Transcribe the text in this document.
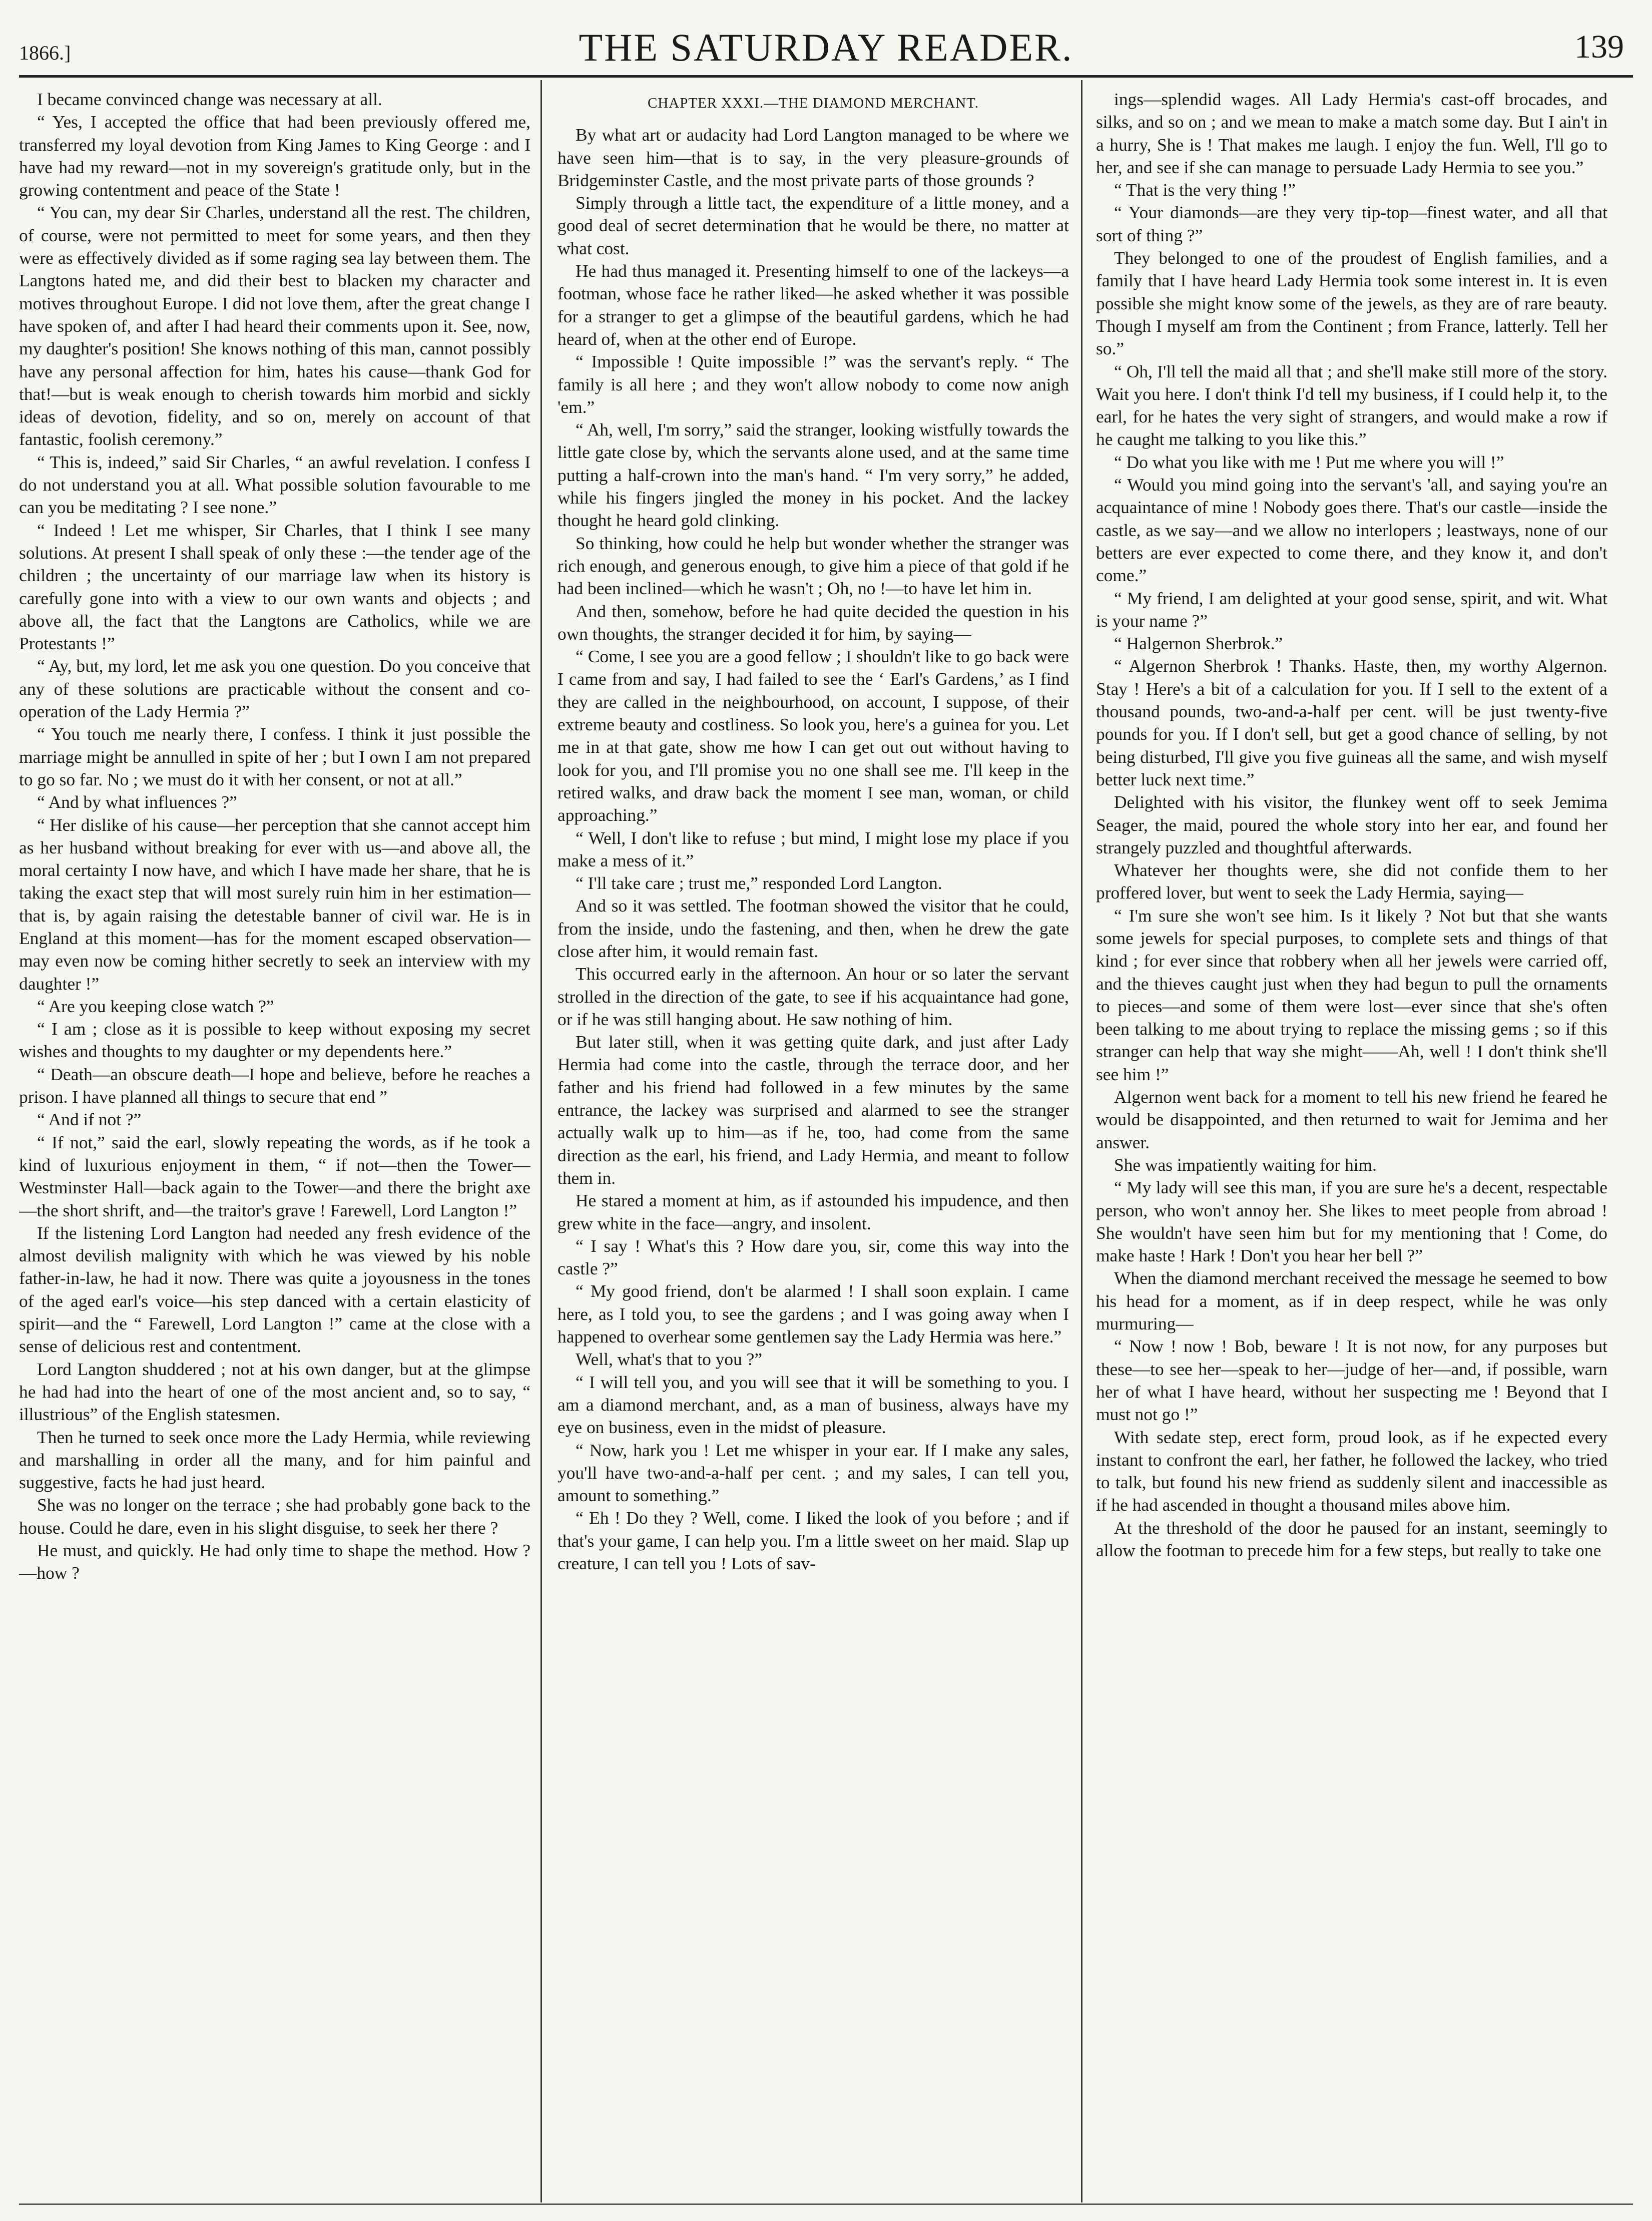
1866.]	THE SATURDAY READER.	139

I became convinced change was necessary at all.

“ Yes, I accepted the office that had been previously offered me, transferred my loyal devotion from King James to King George : and I have had my reward—not in my sovereign's gratitude only, but in the growing contentment and peace of the State !

“ You can, my dear Sir Charles, understand all the rest. The children, of course, were not permitted to meet for some years, and then they were as effectively divided as if some raging sea lay between them. The Langtons hated me, and did their best to blacken my character and motives throughout Europe. I did not love them, after the great change I have spoken of, and after I had heard their comments upon it. See, now, my daughter's position! She knows nothing of this man, cannot possibly have any personal affection for him, hates his cause—thank God for that!—but is weak enough to cherish towards him morbid and sickly ideas of devotion, fidelity, and so on, merely on account of that fantastic, foolish ceremony.”

“ This is, indeed,” said Sir Charles, “ an awful revelation. I confess I do not understand you at all. What possible solution favourable to me can you be meditating ? I see none.”

“ Indeed ! Let me whisper, Sir Charles, that I think I see many solutions. At present I shall speak of only these :—the tender age of the children ; the uncertainty of our marriage law when its history is carefully gone into with a view to our own wants and objects ; and above all, the fact that the Langtons are Catholics, while we are Protestants !”

“ Ay, but, my lord, let me ask you one question. Do you conceive that any of these solutions are practicable without the consent and co-operation of the Lady Hermia ?”

“ You touch me nearly there, I confess. I think it just possible the marriage might be annulled in spite of her ; but I own I am not prepared to go so far. No ; we must do it with her consent, or not at all.”

“ And by what influences ?”

“ Her dislike of his cause—her perception that she cannot accept him as her husband without breaking for ever with us—and above all, the moral certainty I now have, and which I have made her share, that he is taking the exact step that will most surely ruin him in her estimation—that is, by again raising the detestable banner of civil war. He is in England at this moment—has for the moment escaped observation—may even now be coming hither secretly to seek an interview with my daughter !”

“ Are you keeping close watch ?”

“ I am ; close as it is possible to keep without exposing my secret wishes and thoughts to my daughter or my dependents here.”

“ Death—an obscure death—I hope and believe, before he reaches a prison. I have planned all things to secure that end ”

“ And if not ?”

“ If not,” said the earl, slowly repeating the words, as if he took a kind of luxurious enjoyment in them, “ if not—then the Tower—Westminster Hall—back again to the Tower—and there the bright axe—the short shrift, and—the traitor's grave ! Farewell, Lord Langton !”

If the listening Lord Langton had needed any fresh evidence of the almost devilish malignity with which he was viewed by his noble father-in-law, he had it now. There was quite a joyousness in the tones of the aged earl's voice—his step danced with a certain elasticity of spirit—and the “ Farewell, Lord Langton !” came at the close with a sense of delicious rest and contentment.

Lord Langton shuddered ; not at his own danger, but at the glimpse he had had into the heart of one of the most ancient and, so to say, “ illustrious” of the English statesmen.

Then he turned to seek once more the Lady Hermia, while reviewing and marshalling in order all the many, and for him painful and suggestive, facts he had just heard.

She was no longer on the terrace ; she had probably gone back to the house. Could he dare, even in his slight disguise, to seek her there ?

He must, and quickly. He had only time to shape the method. How ?—how ?

CHAPTER XXXI.—THE DIAMOND MERCHANT.

By what art or audacity had Lord Langton managed to be where we have seen him—that is to say, in the very pleasure-grounds of Bridgeminster Castle, and the most private parts of those grounds ?

Simply through a little tact, the expenditure of a little money, and a good deal of secret determination that he would be there, no matter at what cost.

He had thus managed it. Presenting himself to one of the lackeys—a footman, whose face he rather liked—he asked whether it was possible for a stranger to get a glimpse of the beautiful gardens, which he had heard of, when at the other end of Europe.

“ Impossible ! Quite impossible !” was the servant's reply. “ The family is all here ; and they won't allow nobody to come now anigh 'em.”

“ Ah, well, I'm sorry,” said the stranger, looking wistfully towards the little gate close by, which the servants alone used, and at the same time putting a half-crown into the man's hand. “ I'm very sorry,” he added, while his fingers jingled the money in his pocket. And the lackey thought he heard gold clinking.

So thinking, how could he help but wonder whether the stranger was rich enough, and generous enough, to give him a piece of that gold if he had been inclined—which he wasn't ; Oh, no !—to have let him in.

And then, somehow, before he had quite decided the question in his own thoughts, the stranger decided it for him, by saying—

“ Come, I see you are a good fellow ; I shouldn't like to go back were I came from and say, I had failed to see the ‘ Earl's Gardens,’ as I find they are called in the neighbourhood, on account, I suppose, of their extreme beauty and costliness. So look you, here's a guinea for you. Let me in at that gate, show me how I can get out out without having to look for you, and I'll promise you no one shall see me. I'll keep in the retired walks, and draw back the moment I see man, woman, or child approaching.”

“ Well, I don't like to refuse ; but mind, I might lose my place if you make a mess of it.”

“ I'll take care ; trust me,” responded Lord Langton.

And so it was settled. The footman showed the visitor that he could, from the inside, undo the fastening, and then, when he drew the gate close after him, it would remain fast.

This occurred early in the afternoon. An hour or so later the servant strolled in the direction of the gate, to see if his acquaintance had gone, or if he was still hanging about. He saw nothing of him.

But later still, when it was getting quite dark, and just after Lady Hermia had come into the castle, through the terrace door, and her father and his friend had followed in a few minutes by the same entrance, the lackey was surprised and alarmed to see the stranger actually walk up to him—as if he, too, had come from the same direction as the earl, his friend, and Lady Hermia, and meant to follow them in.

He stared a moment at him, as if astounded his impudence, and then grew white in the face—angry, and insolent.

“ I say ! What's this ? How dare you, sir, come this way into the castle ?”

“ My good friend, don't be alarmed ! I shall soon explain. I came here, as I told you, to see the gardens ; and I was going away when I happened to overhear some gentlemen say the Lady Hermia was here.”

Well, what's that to you ?”

“ I will tell you, and you will see that it will be something to you. I am a diamond merchant, and, as a man of business, always have my eye on business, even in the midst of pleasure.

“ Now, hark you ! Let me whisper in your ear. If I make any sales, you'll have two-and-a-half per cent. ; and my sales, I can tell you, amount to something.”

“ Eh ! Do they ? Well, come. I liked the look of you before ; and if that's your game, I can help you. I'm a little sweet on her maid. Slap up creature, I can tell you ! Lots of sav-

ings—splendid wages. All Lady Hermia's cast-off brocades, and silks, and so on ; and we mean to make a match some day. But I ain't in a hurry, She is ! That makes me laugh. I enjoy the fun. Well, I'll go to her, and see if she can manage to persuade Lady Hermia to see you.”

“ That is the very thing !”

“ Your diamonds—are they very tip-top—finest water, and all that sort of thing ?”

They belonged to one of the proudest of English families, and a family that I have heard Lady Hermia took some interest in. It is even possible she might know some of the jewels, as they are of rare beauty. Though I myself am from the Continent ; from France, latterly. Tell her so.”

“ Oh, I'll tell the maid all that ; and she'll make still more of the story. Wait you here. I don't think I'd tell my business, if I could help it, to the earl, for he hates the very sight of strangers, and would make a row if he caught me talking to you like this.”

“ Do what you like with me ! Put me where you will !”

“ Would you mind going into the servant's 'all, and saying you're an acquaintance of mine ! Nobody goes there. That's our castle—inside the castle, as we say—and we allow no interlopers ; leastways, none of our betters are ever expected to come there, and they know it, and don't come.”

“ My friend, I am delighted at your good sense, spirit, and wit. What is your name ?”

“ Halgernon Sherbrok.”

“ Algernon Sherbrok ! Thanks. Haste, then, my worthy Algernon. Stay ! Here's a bit of a calculation for you. If I sell to the extent of a thousand pounds, two-and-a-half per cent. will be just twenty-five pounds for you. If I don't sell, but get a good chance of selling, by not being disturbed, I'll give you five guineas all the same, and wish myself better luck next time.”

Delighted with his visitor, the flunkey went off to seek Jemima Seager, the maid, poured the whole story into her ear, and found her strangely puzzled and thoughtful afterwards.

Whatever her thoughts were, she did not confide them to her proffered lover, but went to seek the Lady Hermia, saying—

“ I'm sure she won't see him. Is it likely ? Not but that she wants some jewels for special purposes, to complete sets and things of that kind ; for ever since that robbery when all her jewels were carried off, and the thieves caught just when they had begun to pull the ornaments to pieces—and some of them were lost—ever since that she's often been talking to me about trying to replace the missing gems ; so if this stranger can help that way she might——Ah, well ! I don't think she'll see him !”

Algernon went back for a moment to tell his new friend he feared he would be disappointed, and then returned to wait for Jemima and her answer.

She was impatiently waiting for him.

“ My lady will see this man, if you are sure he's a decent, respectable person, who won't annoy her. She likes to meet people from abroad ! She wouldn't have seen him but for my mentioning that ! Come, do make haste ! Hark ! Don't you hear her bell ?”

When the diamond merchant received the message he seemed to bow his head for a moment, as if in deep respect, while he was only murmuring—

“ Now ! now ! Bob, beware ! It is not now, for any purposes but these—to see her—speak to her—judge of her—and, if possible, warn her of what I have heard, without her suspecting me ! Beyond that I must not go !”

With sedate step, erect form, proud look, as if he expected every instant to confront the earl, her father, he followed the lackey, who tried to talk, but found his new friend as suddenly silent and inaccessible as if he had ascended in thought a thousand miles above him.

At the threshold of the door he paused for an instant, seemingly to allow the footman to precede him for a few steps, but really to take one
